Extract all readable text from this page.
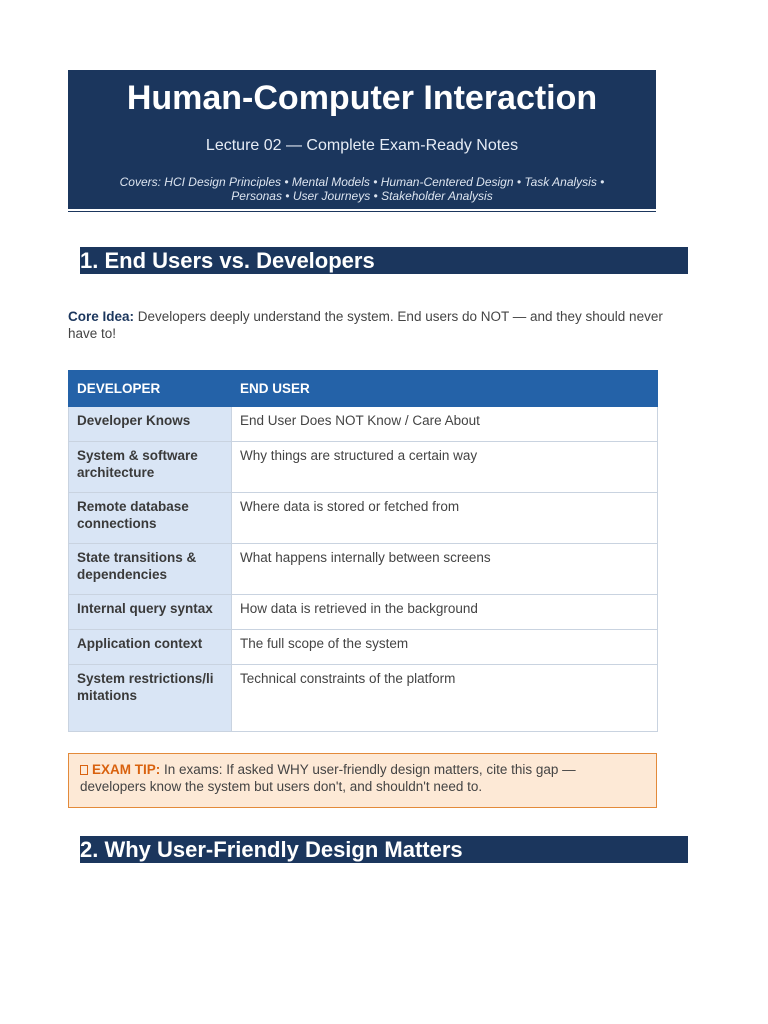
Human-Computer Interaction
Lecture 02 — Complete Exam-Ready Notes
Covers: HCI Design Principles • Mental Models • Human-Centered Design • Task Analysis •
Personas • User Journeys • Stakeholder Analysis
1. End Users vs. Developers
Core Idea: Developers deeply understand the system. End users do NOT — and they should never have to!
DEVELOPER	END USER
Developer Knows	End User Does NOT Know / Care About
System & software architecture	Why things are structured a certain way
Remote database connections	Where data is stored or fetched from
State transitions & dependencies	What happens internally between screens
Internal query syntax	How data is retrieved in the background
Application context	The full scope of the system
System restrictions/limitations	Technical constraints of the platform
EXAM TIP: In exams: If asked WHY user-friendly design matters, cite this gap — developers know the system but users don't, and shouldn't need to.
2. Why User-Friendly Design Matters
